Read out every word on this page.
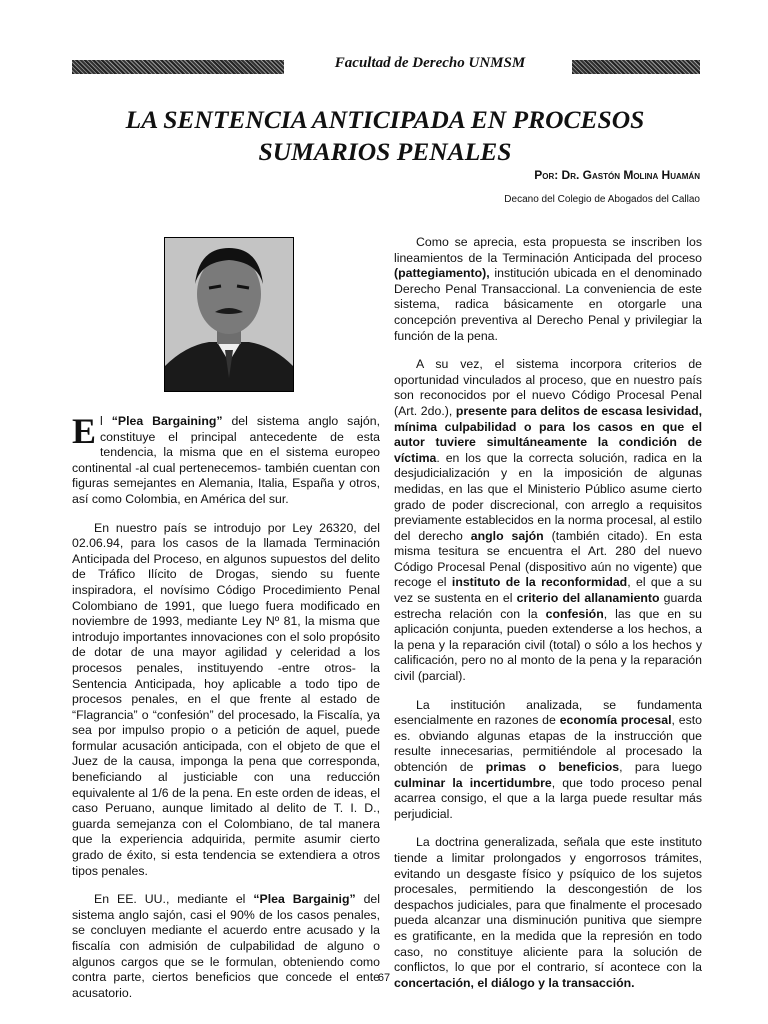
Facultad de Derecho UNMSM
LA SENTENCIA ANTICIPADA EN PROCESOS SUMARIOS PENALES
Por: Dr. Gastón Molina Huamán
Decano del Colegio de Abogados del Callao

El “Plea Bargaining” del sistema anglo sajón, constituye el principal antecedente de esta tendencia, la misma que en el sistema europeo continental -al cual pertenecemos- también cuentan con figuras semejantes en Alemania, Italia, España y otros, así como Colombia, en América del sur.

En nuestro país se introdujo por Ley 26320, del 02.06.94, para los casos de la llamada Terminación Anticipada del Proceso, en algunos supuestos del delito de Tráfico Ilícito de Drogas, siendo su fuente inspiradora, el novísimo Código Procedimiento Penal Colombiano de 1991, que luego fuera modificado en noviembre de 1993, mediante Ley Nº 81, la misma que introdujo importantes innovaciones con el solo propósito de dotar de una mayor agilidad y celeridad a los procesos penales, instituyendo -entre otros- la Sentencia Anticipada, hoy aplicable a todo tipo de procesos penales, en el que frente al estado de “Flagrancia” o “confesión” del procesado, la Fiscalía, ya sea por impulso propio o a petición de aquel, puede formular acusación anticipada, con el objeto de que el Juez de la causa, imponga la pena que corresponda, beneficiando al justiciable con una reducción equivalente al 1/6 de la pena. En este orden de ideas, el caso Peruano, aunque limitado al delito de T. I. D., guarda semejanza con el Colombiano, de tal manera que la experiencia adquirida, permite asumir cierto grado de éxito, si esta tendencia se extendiera a otros tipos penales.

En EE. UU., mediante el “Plea Bargainig” del sistema anglo sajón, casi el 90% de los casos penales, se concluyen mediante el acuerdo entre acusado y la fiscalía con admisión de culpabilidad de alguno o algunos cargos que se le formulan, obteniendo como contra parte, ciertos beneficios que concede el ente acusatorio.

Como se aprecia, esta propuesta se inscriben los lineamientos de la Terminación Anticipada del proceso (pattegiamento), institución ubicada en el denominado Derecho Penal Transaccional. La conveniencia de este sistema, radica básicamente en otorgarle una concepción preventiva al Derecho Penal y privilegiar la función de la pena.

A su vez, el sistema incorpora criterios de oportunidad vinculados al proceso, que en nuestro país son reconocidos por el nuevo Código Procesal Penal (Art. 2do.), presente para delitos de escasa lesividad, mínima culpabilidad o para los casos en que el autor tuviere simultáneamente la condición de víctima. en los que la correcta solución, radica en la desjudicialización y en la imposición de algunas medidas, en las que el Ministerio Público asume cierto grado de poder discrecional, con arreglo a requisitos previamente establecidos en la norma procesal, al estilo del derecho anglo sajón (también citado). En esta misma tesitura se encuentra el Art. 280 del nuevo Código Procesal Penal (dispositivo aún no vigente) que recoge el instituto de la reconformidad, el que a su vez se sustenta en el criterio del allanamiento guarda estrecha relación con la confesión, las que en su aplicación conjunta, pueden extenderse a los hechos, a la pena y la reparación civil (total) o sólo a los hechos y calificación, pero no al monto de la pena y la reparación civil (parcial).

La institución analizada, se fundamenta esencialmente en razones de economía procesal, esto es. obviando algunas etapas de la instrucción que resulte innecesarias, permitiéndole al procesado la obtención de primas o beneficios, para luego culminar la incertidumbre, que todo proceso penal acarrea consigo, el que a la larga puede resultar más perjudicial.

La doctrina generalizada, señala que este instituto tiende a limitar prolongados y engorrosos trámites, evitando un desgaste físico y psíquico de los sujetos procesales, permitiendo la descongestión de los despachos judiciales, para que finalmente el procesado pueda alcanzar una disminución punitiva que siempre es gratificante, en la medida que la represión en todo caso, no constituye aliciente para la solución de conflictos, lo que por el contrario, sí acontece con la concertación, el diálogo y la transacción.

67
